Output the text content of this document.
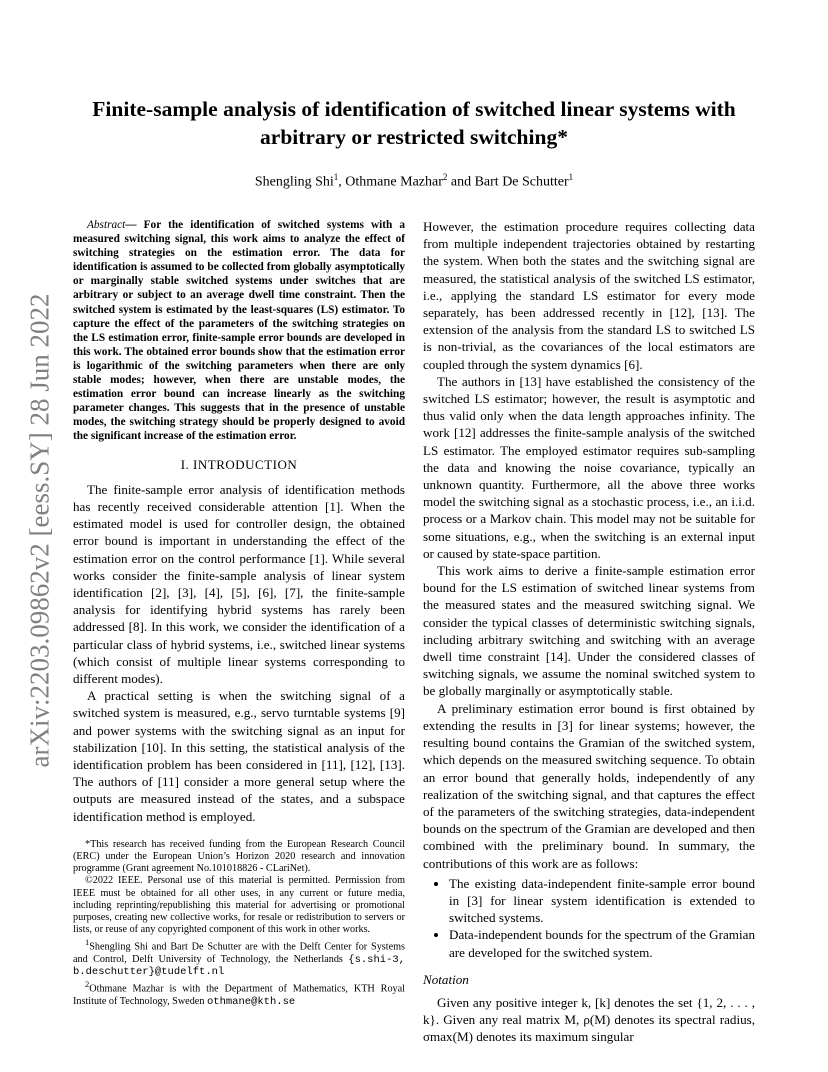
arXiv:2203.09862v2 [eess.SY] 28 Jun 2022
Finite-sample analysis of identification of switched linear systems with arbitrary or restricted switching*
Shengling Shi$^1$, Othmane Mazhar$^2$ and Bart De Schutter$^1$

Abstract— For the identification of switched systems with a measured switching signal, this work aims to analyze the effect of switching strategies on the estimation error. The data for identification is assumed to be collected from globally asymptotically or marginally stable switched systems under switches that are arbitrary or subject to an average dwell time constraint. Then the switched system is estimated by the least-squares (LS) estimator. To capture the effect of the parameters of the switching strategies on the LS estimation error, finite-sample error bounds are developed in this work. The obtained error bounds show that the estimation error is logarithmic of the switching parameters when there are only stable modes; however, when there are unstable modes, the estimation error bound can increase linearly as the switching parameter changes. This suggests that in the presence of unstable modes, the switching strategy should be properly designed to avoid the significant increase of the estimation error.

I. INTRODUCTION

The finite-sample error analysis of identification methods has recently received considerable attention [1]. When the estimated model is used for controller design, the obtained error bound is important in understanding the effect of the estimation error on the control performance [1]. While several works consider the finite-sample analysis of linear system identification [2], [3], [4], [5], [6], [7], the finite-sample analysis for identifying hybrid systems has rarely been addressed [8]. In this work, we consider the identification of a particular class of hybrid systems, i.e., switched linear systems (which consist of multiple linear systems corresponding to different modes).

A practical setting is when the switching signal of a switched system is measured, e.g., servo turntable systems [9] and power systems with the switching signal as an input for stabilization [10]. In this setting, the statistical analysis of the identification problem has been considered in [11], [12], [13]. The authors of [11] consider a more general setup where the outputs are measured instead of the states, and a subspace identification method is employed.

*This research has received funding from the European Research Council (ERC) under the European Union’s Horizon 2020 research and innovation programme (Grant agreement No.101018826 - CLariNet).

©2022 IEEE. Personal use of this material is permitted. Permission from IEEE must be obtained for all other uses, in any current or future media, including reprinting/republishing this material for advertising or promotional purposes, creating new collective works, for resale or redistribution to servers or lists, or reuse of any copyrighted component of this work in other works.

$^1$Shengling Shi and Bart De Schutter are with the Delft Center for Systems and Control, Delft University of Technology, the Netherlands {s.shi-3, b.deschutter}@tudelft.nl

$^2$Othmane Mazhar is with the Department of Mathematics, KTH Royal Institute of Technology, Sweden othmane@kth.se

However, the estimation procedure requires collecting data from multiple independent trajectories obtained by restarting the system. When both the states and the switching signal are measured, the statistical analysis of the switched LS estimator, i.e., applying the standard LS estimator for every mode separately, has been addressed recently in [12], [13]. The extension of the analysis from the standard LS to switched LS is non-trivial, as the covariances of the local estimators are coupled through the system dynamics [6].

The authors in [13] have established the consistency of the switched LS estimator; however, the result is asymptotic and thus valid only when the data length approaches infinity. The work [12] addresses the finite-sample analysis of the switched LS estimator. The employed estimator requires sub-sampling the data and knowing the noise covariance, typically an unknown quantity. Furthermore, all the above three works model the switching signal as a stochastic process, i.e., an i.i.d. process or a Markov chain. This model may not be suitable for some situations, e.g., when the switching is an external input or caused by state-space partition.

This work aims to derive a finite-sample estimation error bound for the LS estimation of switched linear systems from the measured states and the measured switching signal. We consider the typical classes of deterministic switching signals, including arbitrary switching and switching with an average dwell time constraint [14]. Under the considered classes of switching signals, we assume the nominal switched system to be globally marginally or asymptotically stable.

A preliminary estimation error bound is first obtained by extending the results in [3] for linear systems; however, the resulting bound contains the Gramian of the switched system, which depends on the measured switching sequence. To obtain an error bound that generally holds, independently of any realization of the switching signal, and that captures the effect of the parameters of the switching strategies, data-independent bounds on the spectrum of the Gramian are developed and then combined with the preliminary bound. In summary, the contributions of this work are as follows:

• The existing data-independent finite-sample error bound in [3] for linear system identification is extended to switched systems.
• Data-independent bounds for the spectrum of the Gramian are developed for the switched system.
Notation

Given any positive integer k, [k] denotes the set {1, 2, . . . , k}. Given any real matrix M, ρ(M) denotes its spectral radius, σmax(M) denotes its maximum singular
